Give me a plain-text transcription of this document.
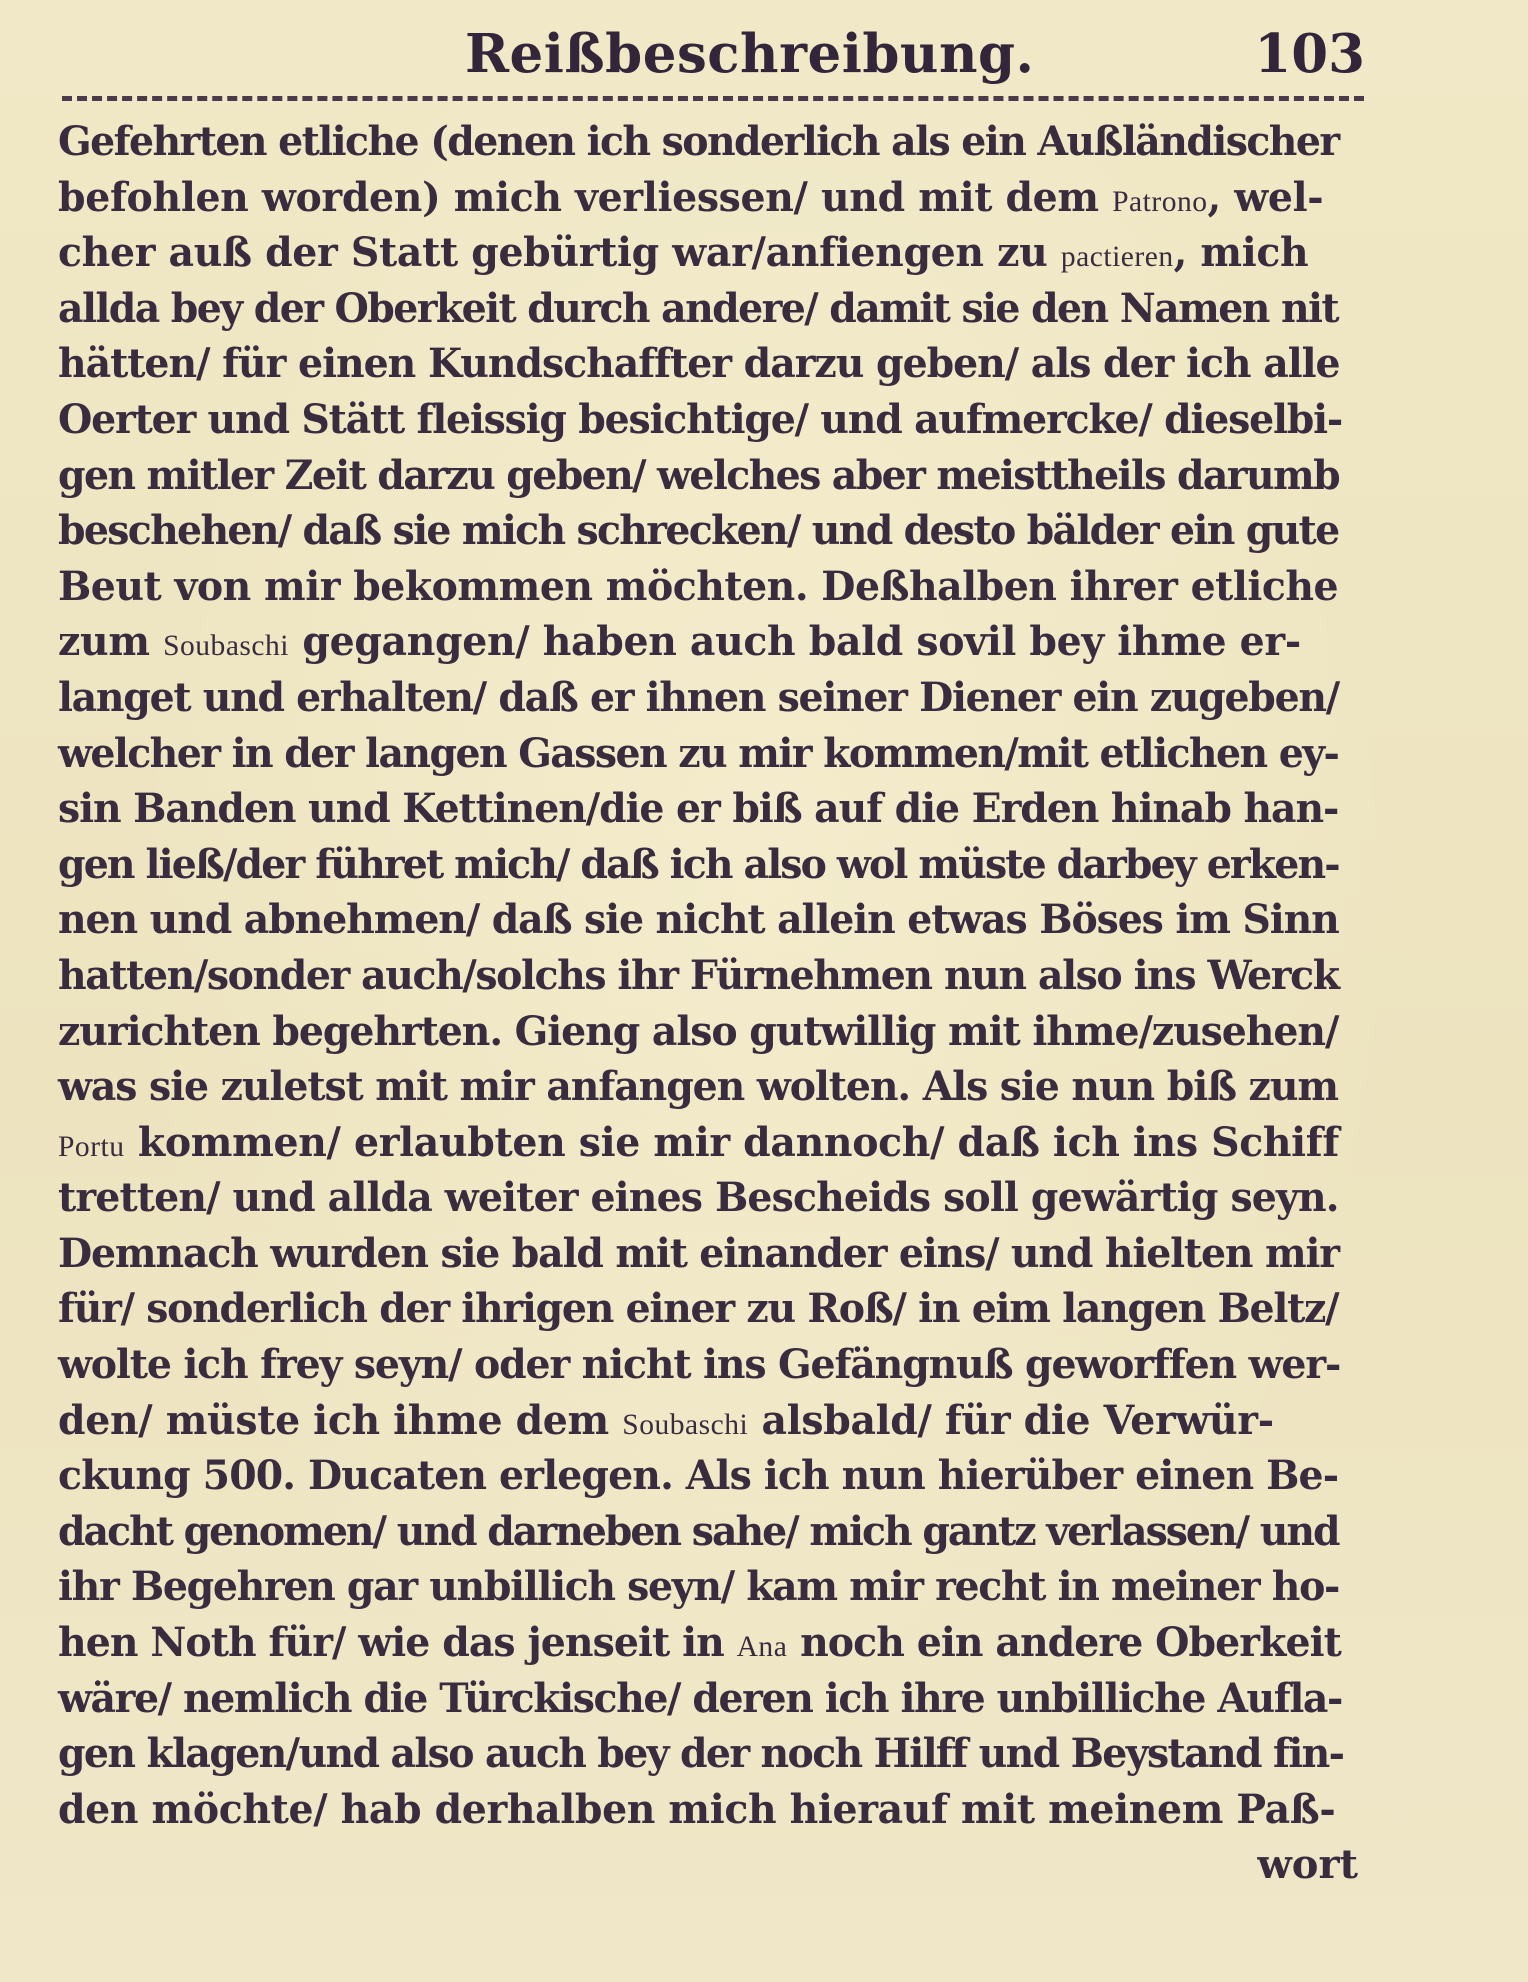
Reißbeschreibung.	103
Gefehrten etliche (denen ich sonderlich als ein Außländischer
befohlen worden) mich verliessen/ und mit dem Patrono, wel-
cher auß der Statt gebürtig war/anfiengen zu pactieren, mich
allda bey der Oberkeit durch andere/ damit sie den Namen nit
hätten/ für einen Kundschaffter darzu geben/ als der ich alle
Oerter und Stätt fleissig besichtige/ und aufmercke/ dieselbi-
gen mitler Zeit darzu geben/ welches aber meisttheils darumb
beschehen/ daß sie mich schrecken/ und desto bälder ein gute
Beut von mir bekommen möchten. Deßhalben ihrer etliche
zum Soubaschi gegangen/ haben auch bald sovil bey ihme er-
langet und erhalten/ daß er ihnen seiner Diener ein zugeben/
welcher in der langen Gassen zu mir kommen/mit etlichen ey-
sin Banden und Kettinen/die er biß auf die Erden hinab han-
gen ließ/der führet mich/ daß ich also wol müste darbey erken-
nen und abnehmen/ daß sie nicht allein etwas Böses im Sinn
hatten/sonder auch/solchs ihr Fürnehmen nun also ins Werck
zurichten begehrten. Gieng also gutwillig mit ihme/zusehen/
was sie zuletst mit mir anfangen wolten. Als sie nun biß zum
Portu kommen/ erlaubten sie mir dannoch/ daß ich ins Schiff
tretten/ und allda weiter eines Bescheids soll gewärtig seyn.
Demnach wurden sie bald mit einander eins/ und hielten mir
für/ sonderlich der ihrigen einer zu Roß/ in eim langen Beltz/
wolte ich frey seyn/ oder nicht ins Gefängnuß geworffen wer-
den/ müste ich ihme dem Soubaschi alsbald/ für die Verwür-
ckung 500. Ducaten erlegen. Als ich nun hierüber einen Be-
dacht genomen/ und darneben sahe/ mich gantz verlassen/ und
ihr Begehren gar unbillich seyn/ kam mir recht in meiner ho-
hen Noth für/ wie das jenseit in Ana noch ein andere Oberkeit
wäre/ nemlich die Türckische/ deren ich ihre unbilliche Aufla-
gen klagen/und also auch bey der noch Hilff und Beystand fin-
den möchte/ hab derhalben mich hierauf mit meinem Paß-
wort
